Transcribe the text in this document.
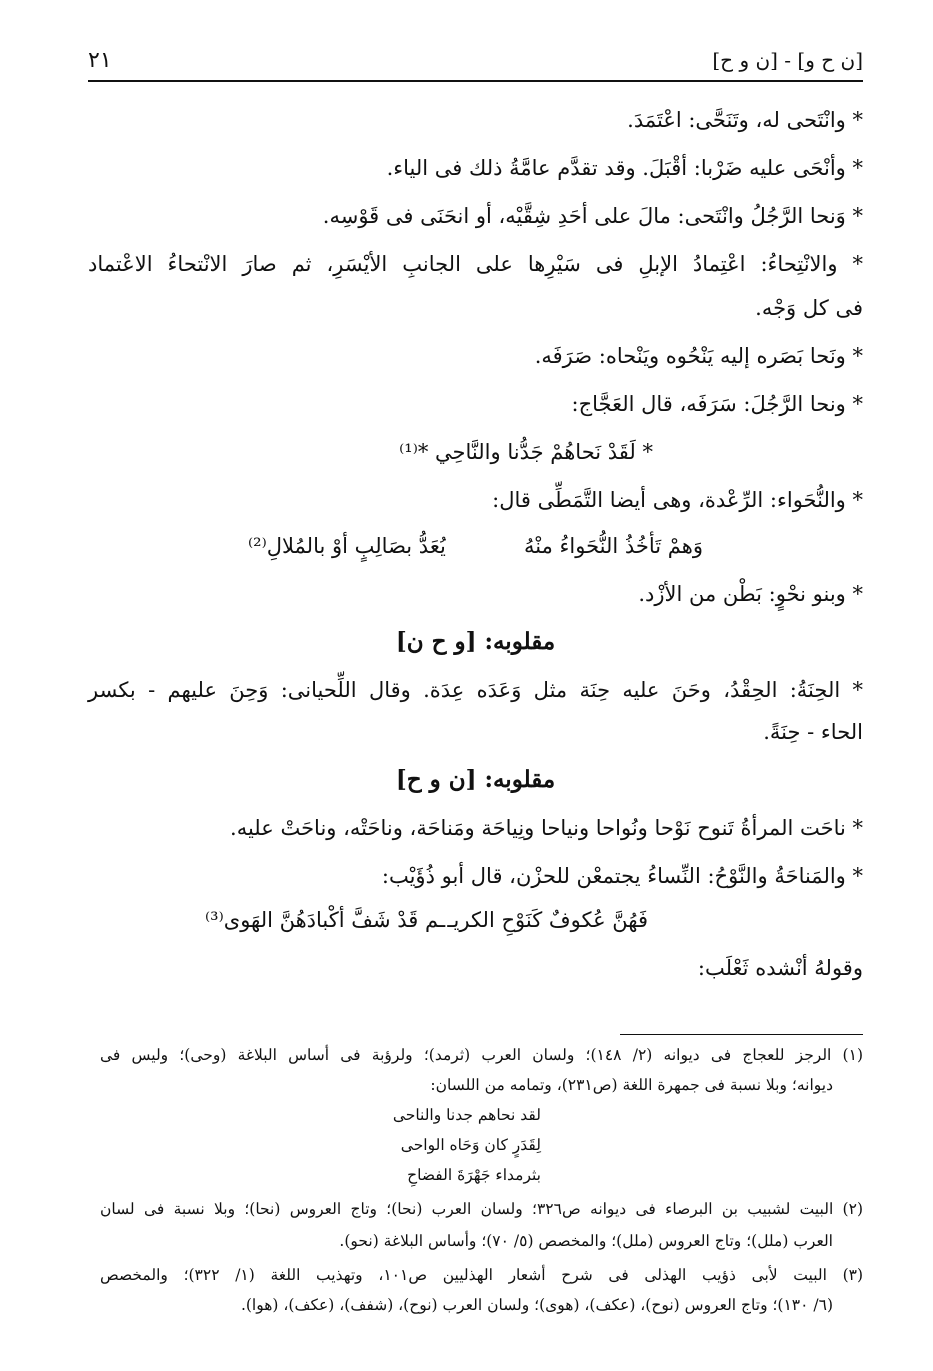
[ن ح و] - [ن و ح]
٢١
* وانْتَحى له، وتَنَحَّى: اعْتَمَدَ.
* وأنْحَى عليه ضَرْبا: أقْبَلَ. وقد تقدَّم عامَّةُ ذلك فى الياء.
* وَنحا الرَّجُلُ وانْتَحى: مالَ على أحَدِ شِقَّيْه، أو انحَنَى فى قَوْسِه.
* والانْتِحاءُ: اعْتِمادُ الإبلِ فى سَيْرِها على الجانبِ الأيْسَرِ، ثم صارَ الانْتحاءُ الاعْتماد
فى كل وَجْه.
* ونَحا بَصَره إليه يَنْحُوه ويَنْحاه: صَرَفَه.
* ونحا الرَّجُلَ: سَرَفَه، قال العَجَّاج:
* لَقَدْ نَحاهُمْ جَدُّنا والنَّاحِي *⁽¹⁾
* والنُّحَواء: الرِّعْدة، وهى أيضا التَّمَطِّى قال:
وَهمْ تَأخُذُ النُّحَواءُ منْهُ
يُعَدُّ بصَالِبٍ أوْ بالمُلالِ⁽²⁾
* وبنو نحْوٍ: بَطْن من الأزْد.
مقلوبه: [و ح ن]
* الحِنَةُ: الحِقْدُ، وحَنَ عليه حِنَة مثل وَعَدَه عِدَة. وقال اللِّحيانى: وَحِنَ عليهم - بكسر
الحاء - حِنَةً.
مقلوبه: [ن و ح]
* ناحَت المرأةُ تَنوح نَوْحا ونُواحا ونياحا ونِياحَة ومَناحَة، وناحَتْه، وناحَتْ عليه.
* والمَناحَةُ والنَّوْحُ: النِّساءُ يجتمعْن للحزْن، قال أبو ذُؤَيْب:
فَهُنَّ عُكوفٌ كَنَوْحِ الكريـ
ـم قَدْ شَفَّ أكْبادَهُنَّ الهَوى⁽³⁾
وقولهُ أنْشده ثَعْلَب:
(١) الرجز للعجاج فى ديوانه (٢/ ١٤٨)؛ ولسان العرب (ثرمد)؛ ولرؤبة فى أساس البلاغة (وحى)؛ وليس فى
ديوانه؛ وبلا نسبة فى جمهرة اللغة (ص٢٣١)، وتمامه من اللسان:
لقد نحاهم جدنا والناحى
لِقَدَرٍ كان وَحَاه الواحى
بثرمداء جَهْرَةَ الفضاحِ
(٢) البيت لشبيب بن البرصاء فى ديوانه ص٣٢٦؛ ولسان العرب (نحا)؛ وتاج العروس (نحا)؛ وبلا نسبة فى لسان
العرب (ملل)؛ وتاج العروس (ملل)؛ والمخصص (٥/ ٧٠)؛ وأساس البلاغة (نحو).
(٣) البيت لأبى ذؤيب الهذلى فى شرح أشعار الهذليين ص١٠١، وتهذيب اللغة (١/ ٣٢٢)؛ والمخصص
(٦/ ١٣٠)؛ وتاج العروس (نوح)، (عكف)، (هوى)؛ ولسان العرب (نوح)، (شفف)، (عكف)، (هوا).
